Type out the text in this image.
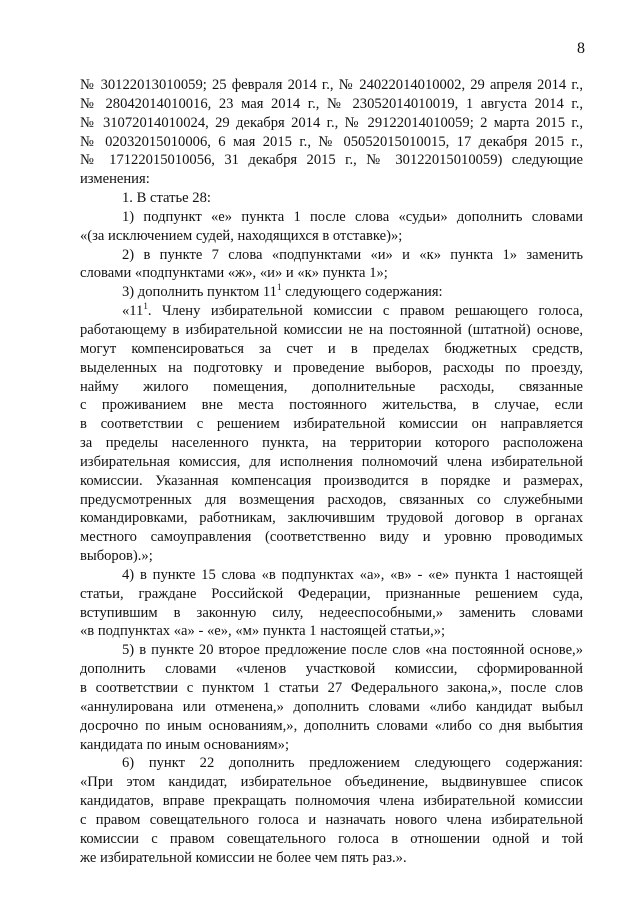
8
№ 30122013010059; 25 февраля 2014 г., № 24022014010002, 29 апреля 2014 г.,
№ 28042014010016, 23 мая 2014 г., № 23052014010019, 1 августа 2014 г.,
№ 31072014010024, 29 декабря 2014 г., № 29122014010059; 2 марта 2015 г.,
№ 02032015010006, 6 мая 2015 г., № 05052015010015, 17 декабря 2015 г.,
№ 17122015010056, 31 декабря 2015 г., № 30122015010059) следующие
изменения:
1. В статье 28:
1) подпункт «е» пункта 1 после слова «судьи» дополнить словами
«(за исключением судей, находящихся в отставке)»;
2) в пункте 7 слова «подпунктами «и» и «к» пункта 1» заменить
словами «подпунктами «ж», «и» и «к» пункта 1»;
3) дополнить пунктом $11^1$ следующего содержания:
«$11^1$. Члену избирательной комиссии с правом решающего голоса,
работающему в избирательной комиссии не на постоянной (штатной) основе,
могут компенсироваться за счет и в пределах бюджетных средств,
выделенных на подготовку и проведение выборов, расходы по проезду,
найму жилого помещения, дополнительные расходы, связанные
с проживанием вне места постоянного жительства, в случае, если
в соответствии с решением избирательной комиссии он направляется
за пределы населенного пункта, на территории которого расположена
избирательная комиссия, для исполнения полномочий члена избирательной
комиссии. Указанная компенсация производится в порядке и размерах,
предусмотренных для возмещения расходов, связанных со служебными
командировками, работникам, заключившим трудовой договор в органах
местного самоуправления (соответственно виду и уровню проводимых
выборов).»;
4) в пункте 15 слова «в подпунктах «а», «в» - «е» пункта 1 настоящей
статьи, граждане Российской Федерации, признанные решением суда,
вступившим в законную силу, недееспособными,» заменить словами
«в подпунктах «а» - «е», «м» пункта 1 настоящей статьи,»;
5) в пункте 20 второе предложение после слов «на постоянной основе,»
дополнить словами «членов участковой комиссии, сформированной
в соответствии с пунктом 1 статьи 27 Федерального закона,», после слов
«аннулирована или отменена,» дополнить словами «либо кандидат выбыл
досрочно по иным основаниям,», дополнить словами «либо со дня выбытия
кандидата по иным основаниям»;
6) пункт 22 дополнить предложением следующего содержания:
«При этом кандидат, избирательное объединение, выдвинувшее список
кандидатов, вправе прекращать полномочия члена избирательной комиссии
с правом совещательного голоса и назначать нового члена избирательной
комиссии с правом совещательного голоса в отношении одной и той
же избирательной комиссии не более чем пять раз.».
